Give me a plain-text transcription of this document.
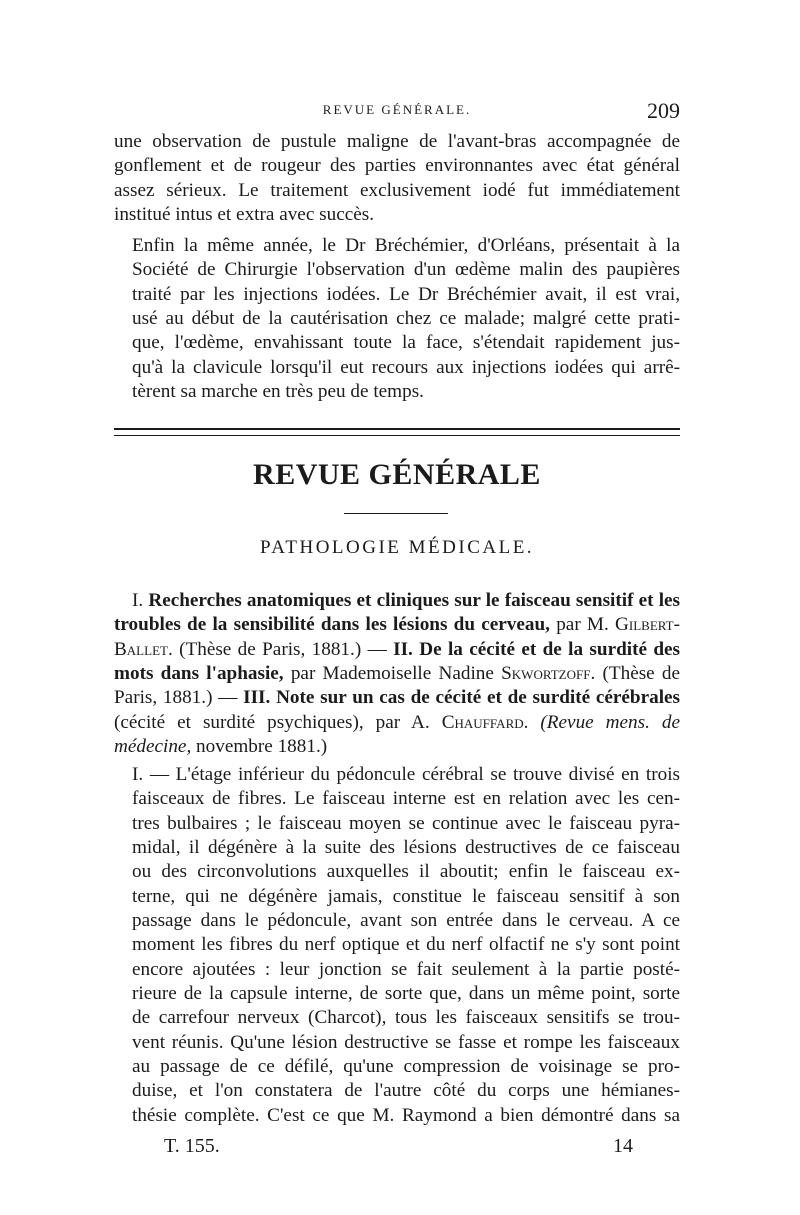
REVUE GÉNÉRALE.	209
une observation de pustule maligne de l'avant-bras accompagnée de
gonflement et de rougeur des parties environnantes avec état général
assez sérieux. Le traitement exclusivement iodé fut immédiatement
institué intus et extra avec succès.
Enfin la même année, le Dr Bréchémier, d'Orléans, présentait à la
Société de Chirurgie l'observation d'un œdème malin des paupières
traité par les injections iodées. Le Dr Bréchémier avait, il est vrai,
usé au début de la cautérisation chez ce malade; malgré cette prati-
que, l'œdème, envahissant toute la face, s'étendait rapidement jus-
qu'à la clavicule lorsqu'il eut recours aux injections iodées qui arrê-
tèrent sa marche en très peu de temps.
REVUE GÉNÉRALE
PATHOLOGIE MÉDICALE.
I. Recherches anatomiques et cliniques sur le faisceau sensitif et les troubles de la sensibilité dans les lésions du cerveau, par M. Gilbert-Ballet. (Thèse de Paris, 1881.) — II. De la cécité et de la surdité des mots dans l'aphasie, par Mademoiselle Nadine Skwortzoff. (Thèse de Paris, 1881.) — III. Note sur un cas de cécité et de surdité cérébrales (cécité et surdité psychiques), par A. Chauffard. (Revue mens. de médecine, novembre 1881.)
I. — L'étage inférieur du pédoncule cérébral se trouve divisé en trois
faisceaux de fibres. Le faisceau interne est en relation avec les cen-
tres bulbaires ; le faisceau moyen se continue avec le faisceau pyra-
midal, il dégénère à la suite des lésions destructives de ce faisceau
ou des circonvolutions auxquelles il aboutit; enfin le faisceau ex-
terne, qui ne dégénère jamais, constitue le faisceau sensitif à son
passage dans le pédoncule, avant son entrée dans le cerveau. A ce
moment les fibres du nerf optique et du nerf olfactif ne s'y sont point
encore ajoutées : leur jonction se fait seulement à la partie posté-
rieure de la capsule interne, de sorte que, dans un même point, sorte
de carrefour nerveux (Charcot), tous les faisceaux sensitifs se trou-
vent réunis. Qu'une lésion destructive se fasse et rompe les faisceaux
au passage de ce défilé, qu'une compression de voisinage se pro-
duise, et l'on constatera de l'autre côté du corps une hémianes-
thésie complète. C'est ce que M. Raymond a bien démontré dans sa
T. 155.	14
